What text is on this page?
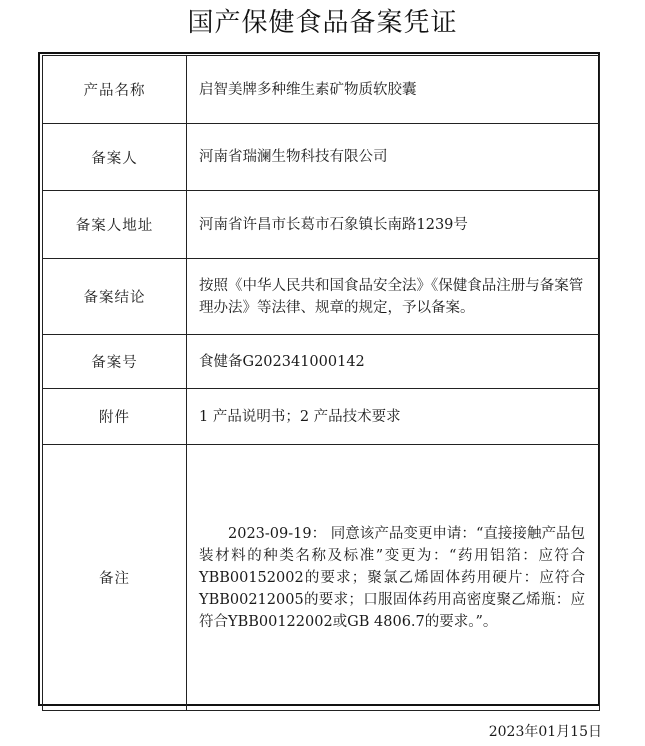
国产保健食品备案凭证
产品名称	启智美牌多种维生素矿物质软胶囊
备案人	河南省瑞澜生物科技有限公司
备案人地址	河南省许昌市长葛市石象镇长南路1239号
备案结论	按照《中华人民共和国食品安全法》《保健食品注册与备案管理办法》等法律、规章的规定，予以备案。
备案号	食健备G202341000142
附件	1 产品说明书；2 产品技术要求
备注	2023-09-19： 同意该产品变更申请：“直接接触产品包装材料的种类名称及标准”变更为：“药用铝箔：应符合YBB00152002的要求；聚氯乙烯固体药用硬片：应符合YBB00212005的要求；口服固体药用高密度聚乙烯瓶：应符合YBB00122002或GB 4806.7的要求。”。
2023年01月15日
